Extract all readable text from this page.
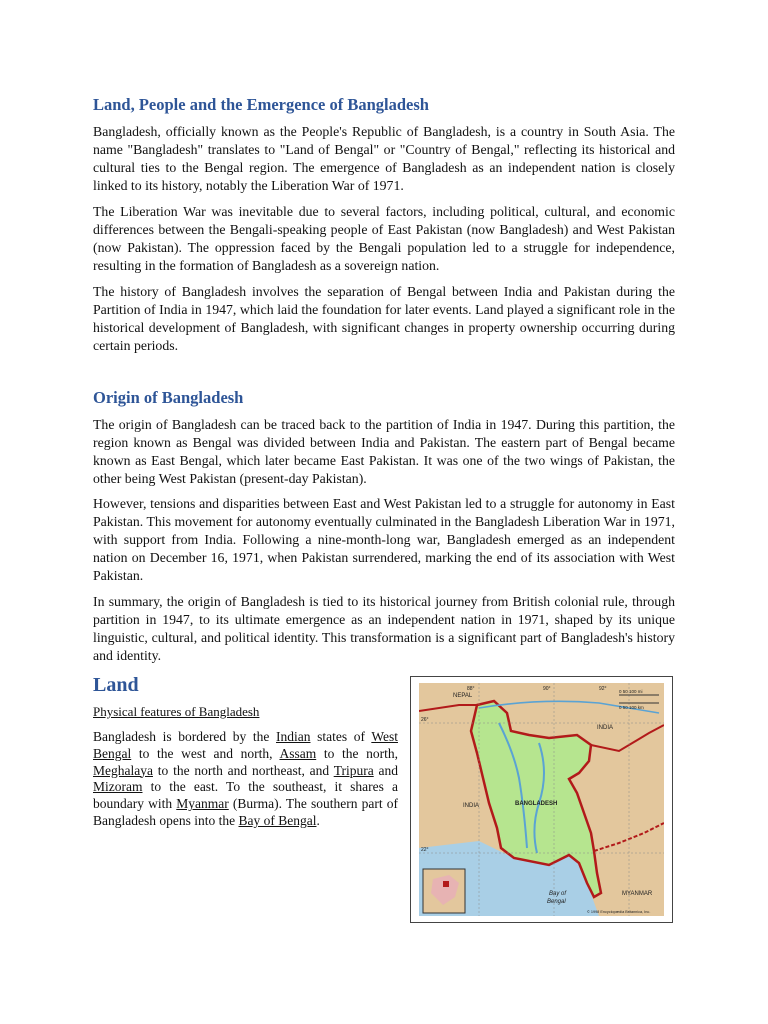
Land, People and the Emergence of Bangladesh

Bangladesh, officially known as the People's Republic of Bangladesh, is a country in South Asia. The name "Bangladesh" translates to "Land of Bengal" or "Country of Bengal," reflecting its historical and cultural ties to the Bengal region. The emergence of Bangladesh as an independent nation is closely linked to its history, notably the Liberation War of 1971.

The Liberation War was inevitable due to several factors, including political, cultural, and economic differences between the Bengali-speaking people of East Pakistan (now Bangladesh) and West Pakistan (now Pakistan). The oppression faced by the Bengali population led to a struggle for independence, resulting in the formation of Bangladesh as a sovereign nation.

The history of Bangladesh involves the separation of Bengal between India and Pakistan during the Partition of India in 1947, which laid the foundation for later events. Land played a significant role in the historical development of Bangladesh, with significant changes in property ownership occurring during certain periods.

Origin of Bangladesh

The origin of Bangladesh can be traced back to the partition of India in 1947. During this partition, the region known as Bengal was divided between India and Pakistan. The eastern part of Bengal became known as East Bengal, which later became East Pakistan. It was one of the two wings of Pakistan, the other being West Pakistan (present-day Pakistan).

However, tensions and disparities between East and West Pakistan led to a struggle for autonomy in East Pakistan. This movement for autonomy eventually culminated in the Bangladesh Liberation War in 1971, with support from India. Following a nine-month-long war, Bangladesh emerged as an independent nation on December 16, 1971, when Pakistan surrendered, marking the end of its association with West Pakistan.

In summary, the origin of Bangladesh is tied to its historical journey from British colonial rule, through partition in 1947, to its ultimate emergence as an independent nation in 1971, shaped by its unique linguistic, cultural, and political identity. This transformation is a significant part of Bangladesh's history and identity.

Land
Physical features of Bangladesh

Bangladesh is bordered by the Indian states of West Bengal to the west and north, Assam to the north, Meghalaya to the north and northeast, and Tripura and Mizoram to the east. To the southeast, it shares a boundary with Myanmar (Burma). The southern part of Bangladesh opens into the Bay of Bengal.

NEPAL
INDIA
INDIA	BANGLADESH
MYANMAR
Bay of
Bengal
0 50 100 mi
0 50 100 km
26°
22°
88°	90°	92°
© 1998 Encyclopædia Britannica, Inc.
